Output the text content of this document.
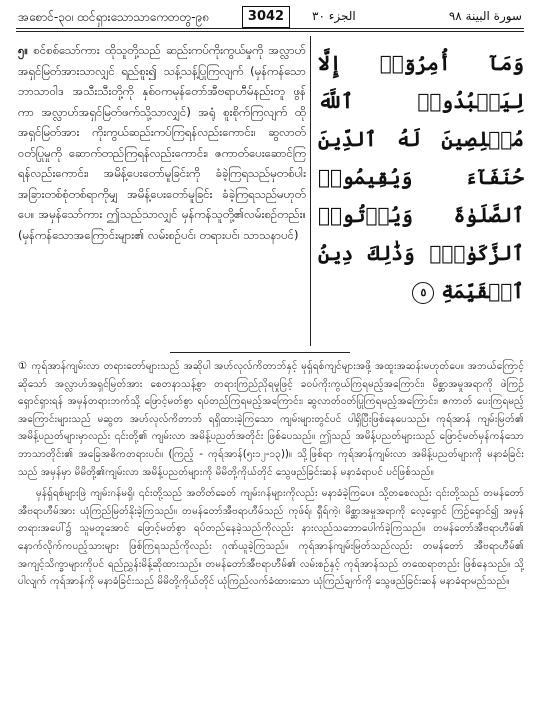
အစောင်-၃၀၊ ထင်ရှားသောသာကေတတွ-၉၈	3042	الجزء ٣٠	سورة البينة ٩٨
၅။ စင်စစ်သော်ကား ထိုသူတို့သည် ဆည်းကပ်ကိုးကွယ်မှုကို အလ္လာဟ်အရှင်မြတ်အားသာလျှင် ရည်စူး၍ သန့်သန့်ပြုကြလျက် (မှန်ကန်သော ဘာသာဝါဒ အသီးသီးတို့ကို နှစ်ဝကမုန်တော်အီဗရာဟီမ်နည်းတူ ဖွန်ကာ အလ္လာဟ်အရှင်မြတ်ဖက်သို့သာလျှင်) အရုံ စူးစိုက်ကြလျက် ထိုအရှင်မြတ်အား ကိုးကွယ်ဆည်းကပ်ကြရန်လည်းကောင်း၊ ဆွလာတ်ဝတ်ပြုမှုကို ဆောက်တည်ကြရန်လည်းကောင်း၊ ဇကာတ်ပေးဆောင်ကြရန်လည်းကောင်း၊ အမိန့်ပေးတော်မူခြင်းကို ခံခဲ့ကြရသည်မှတစ်ပါး အခြားတစ်စုံတစ်ရာကိုမျှ အမိန့်ပေးတော်မူခြင်း ခံခဲ့ကြရသည်မဟုတ်ပေ။ အမှန်သော်ကား ဤသည်သာလျှင် မှန်ကန်သူတို့၏လမ်းစဉ်တည်း။ (မှန်ကန်သောအကြောင်းများ၏ လမ်းစဉ်ပင်၊ တရားပင်၊ သာသနာပင်)
وَمَآ أُمِرُوٓا۟ إِلَّا لِيَعۡبُدُوا۟ ٱللَّهَ مُخۡلِصِينَ لَهُ ٱلدِّينَ حُنَفَآءَ وَيُقِيمُوا۟ ٱلصَّلَوٰةَ وَيُؤۡتُوا۟ ٱلزَّكَوٰةَۚ وَذَٰلِكَ دِينُ ٱلۡقَيِّمَةِ ٥

① ကုရ်အာန်ကျမ်းလာ တရားတော်များသည် အဆိုပါ အဟ်လုလ်ကိတာဘ်နှင့် မုရှ်ရစ်ကျင်များအဖို့ အထူးအဆန်းမဟုတ်ပေ။ အဘယ်ကြောင့်ဆိုသော် အလ္လာဟ်အရှင်မြတ်အား စေတနာသန့်စွာ တရားကြည်ညိုရမှုဖြင့် ခဝပ်ကိုးကွယ်ကြရမည့်အကြောင်း၊ မိစ္ဆာအမှုအရာကို ဖဲကြဉ်ရှောင်ရှားရန် အမှန်တရားဘက်သို့ ဖြောင့်မတ်စွာ ရပ်တည်ကြရမည့်အကြောင်း၊ ဆွလာတ်ဝတ်ပြုကြရမည့်အကြောင်း၊ ဇကာတ် ပေးကြရမည့်အကြောင်းများသည် မဆွတ အဟ်လုလ်ကိတာဘ် ရရှိထားခဲ့ကြသော ကျမ်းများတွင်ပင် ပါရှိပြီးဖြစ်နေပေသည်။ ကုရ်အာန် ကျမ်းမြတ်၏ အမိန့်ပညတ်များမှာလည်း ၎င်းတို့၏ ကျမ်းလာ အမိန့်ပညတ်အတိုင်း ဖြစ်ပေသည်။ ဤသည် အမိန့်ပညတ်များသည် ဖြောင့်မတ်မှန်ကန်သော ဘာသာတိုင်း၏ အခြေအဓိကတရားပင်။ (ကြည့် - ကုရ်အာန်(၅း၁၂-၁၃))။ သို့ဖြစ်ရာ ကုရ်အာန်ကျမ်းလာ အမိန့်ပညတ်များကို မနာခံခြင်းသည် အမှန်မှာ မိမိတို့၏ကျမ်းလာ အမိန့်ပညတ်များကို မိမိတို့ကိုယ်တိုင် သွေဖည်ခြင်းဆန် မနာခံရာပင် ပင်ဖြစ်သည်။

မှန်ရှ်ရစ်များဖြဲ ကျမ်းဂန်မရှိ၊ ၎င်းတို့သည် အတိတ်ခေတ် ကျမ်းဂန်များကိုလည်း မနာခံခဲ့ကြပေ။ သို့တစေလည်း ၎င်းတို့သည် တမန်တော် အီဗရာဟီမ်အား ယုံကြည်မြတ်နိုးခဲ့ကြသည်။ တမန်တော်အီဗရာဟီမ်သည် ကုဖ်ရ်၊ ရှီရ်ကဲ့၊ မိစ္ဆာအမှုအရာကို လေ့ရှောင် ကြဉ်ရှောင်၍ အမှန်တရားအပေါ်၌ သူမတူအောင် ဖြောင့်မတ်စွာ ရပ်တည်နေခဲ့သည်ကိုလည်း နားလည်သဘောပေါက်ခဲ့ကြသည်။ တမန်တော်အီဗရာဟီမ်၏ နောက်လိုက်ကပည့်သားများ ဖြစ်ကြရသည်ကိုလည်း ဂုဏ်ယူခဲ့ကြသည်။ ကုရ်အာန်ကျမ်းမြတ်သည်လည်း တမန်တော် အီဗရာဟီမ်၏ အကျင့်သိက္ခာများကိုပင် ရည်ညွှန်းမိန့်ဆိုထားသည်။ တမန်တော်အီဗရာဟီမ်၏ လမ်းစဉ်နှင့် ကုရ်အာန်သည် တထေရာတည်း ဖြစ်နေသည်။ သို့ပါလျက် ကုရ်အာန်ကို မနာခံခြင်းသည် မိမိတို့ကိုယ်တိုင် ယုံကြည်လက်ခံထားသော ယုံကြည်ချက်ကို သွေဖည်ခြင်းဆန် မနာခံရာမည်သည်။
